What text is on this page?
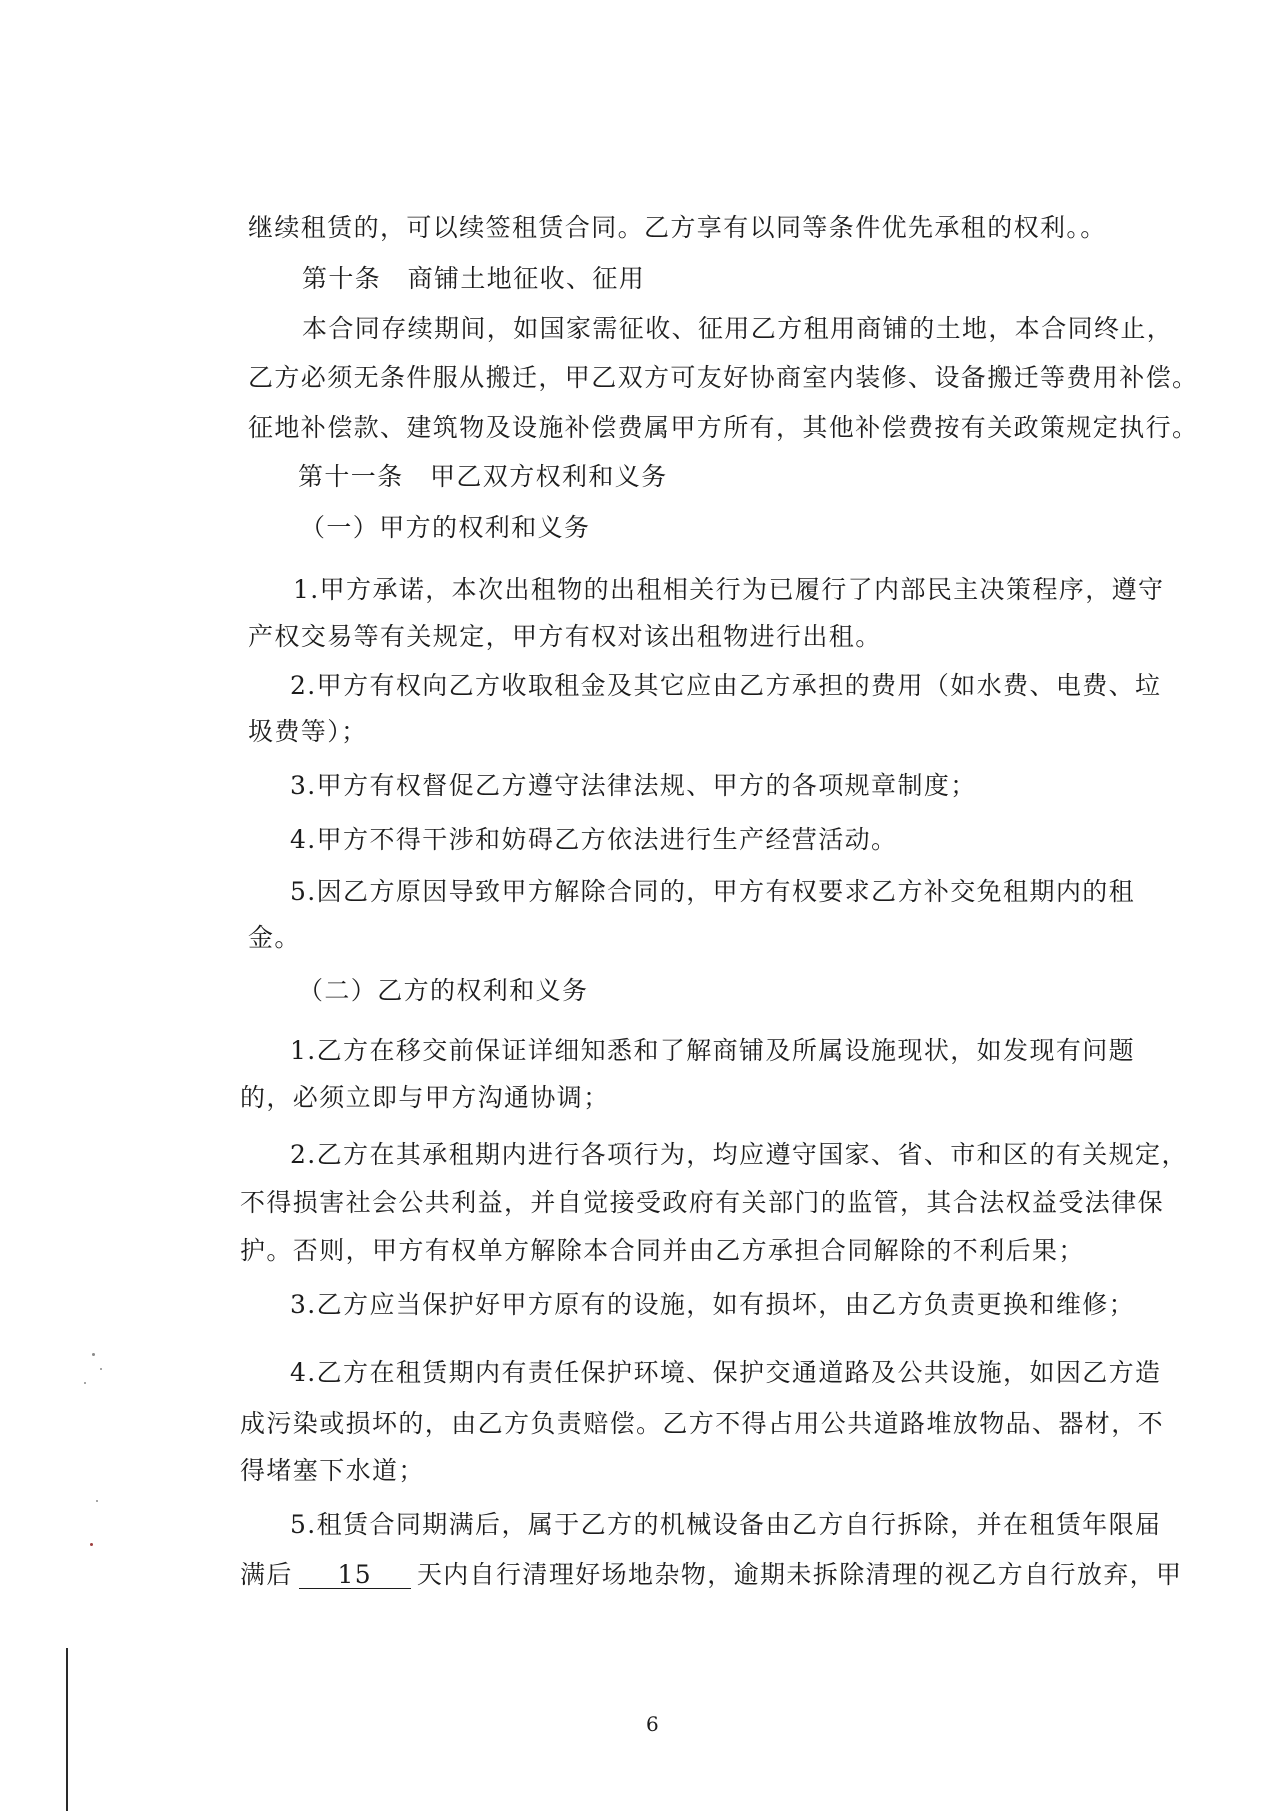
继续租赁的，可以续签租赁合同。乙方享有以同等条件优先承租的权利。。
第十条　商铺土地征收、征用
本合同存续期间，如国家需征收、征用乙方租用商铺的土地，本合同终止，
乙方必须无条件服从搬迁，甲乙双方可友好协商室内装修、设备搬迁等费用补偿。
征地补偿款、建筑物及设施补偿费属甲方所有，其他补偿费按有关政策规定执行。
第十一条　甲乙双方权利和义务
（一）甲方的权利和义务
1.甲方承诺，本次出租物的出租相关行为已履行了内部民主决策程序，遵守
产权交易等有关规定，甲方有权对该出租物进行出租。
2.甲方有权向乙方收取租金及其它应由乙方承担的费用（如水费、电费、垃
圾费等）；
3.甲方有权督促乙方遵守法律法规、甲方的各项规章制度；
4.甲方不得干涉和妨碍乙方依法进行生产经营活动。
5.因乙方原因导致甲方解除合同的，甲方有权要求乙方补交免租期内的租
金。
（二）乙方的权利和义务
1.乙方在移交前保证详细知悉和了解商铺及所属设施现状，如发现有问题
的，必须立即与甲方沟通协调；
2.乙方在其承租期内进行各项行为，均应遵守国家、省、市和区的有关规定，
不得损害社会公共利益，并自觉接受政府有关部门的监管，其合法权益受法律保
护。否则，甲方有权单方解除本合同并由乙方承担合同解除的不利后果；
3.乙方应当保护好甲方原有的设施，如有损坏，由乙方负责更换和维修；
4.乙方在租赁期内有责任保护环境、保护交通道路及公共设施，如因乙方造
成污染或损坏的，由乙方负责赔偿。乙方不得占用公共道路堆放物品、器材，不
得堵塞下水道；
5.租赁合同期满后，属于乙方的机械设备由乙方自行拆除，并在租赁年限届
满后 15 天内自行清理好场地杂物，逾期未拆除清理的视乙方自行放弃，甲
6
